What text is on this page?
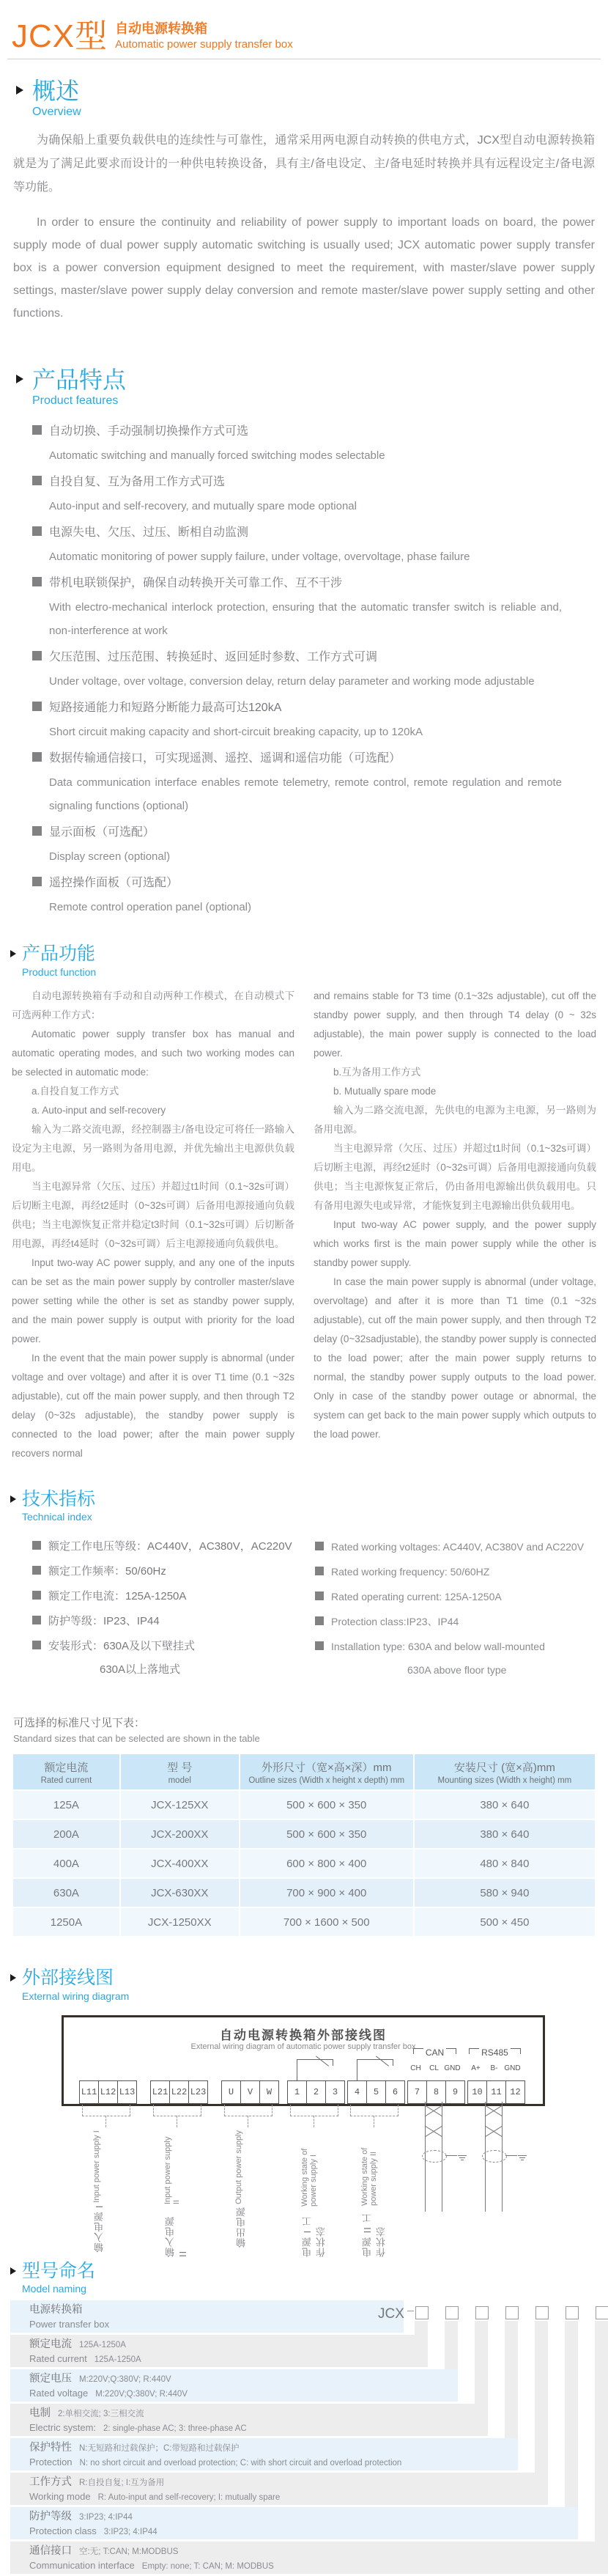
JCX型 自动电源转换箱
Automatic power supply transfer box
概述
Overview

为确保船上重要负载供电的连续性与可靠性，通常采用两电源自动转换的供电方式，JCX型自动电源转换箱就是为了满足此要求而设计的一种供电转换设备，具有主/备电设定、主/备电延时转换并具有远程设定主/备电源等功能。

In order to ensure the continuity and reliability of power supply to important loads on board, the power supply mode of dual power supply automatic switching is usually used; JCX automatic power supply transfer box is a power conversion equipment designed to meet the requirement, with master/slave power supply settings, master/slave power supply delay conversion and remote master/slave power supply setting and other functions.

产品特点
Product features
自动切换、手动强制切换操作方式可选
Automatic switching and manually forced switching modes selectable
自投自复、互为备用工作方式可选
Auto-input and self-recovery, and mutually spare mode optional
电源失电、欠压、过压、断相自动监测
Automatic monitoring of power supply failure, under voltage, overvoltage, phase failure
带机电联锁保护，确保自动转换开关可靠工作、互不干涉
With electro-mechanical interlock protection, ensuring that the automatic transfer switch is reliable and, non-interference at work
欠压范围、过压范围、转换延时、返回延时参数、工作方式可调
Under voltage, over voltage, conversion delay, return delay parameter and working mode adjustable
短路接通能力和短路分断能力最高可达120kA
Short circuit making capacity and short-circuit breaking capacity, up to 120kA
数据传输通信接口，可实现遥测、遥控、遥调和遥信功能（可选配）
Data communication interface enables remote telemetry, remote control, remote regulation and remote signaling functions (optional)
显示面板（可选配）
Display screen (optional)
遥控操作面板（可选配）
Remote control operation panel (optional)
产品功能
Product function

自动电源转换箱有手动和自动两种工作模式，在自动模式下可选两种工作方式：

Automatic power supply transfer box has manual and automatic operating modes, and such two working modes can be selected in automatic mode:

a.自投自复工作方式

a. Auto-input and self-recovery

输入为二路交流电源，经控制器主/备电设定可将任一路输入设定为主电源，另一路则为备用电源，并优先输出主电源供负载用电。

当主电源异常（欠压、过压）并超过t1时间（0.1~32s可调）后切断主电源，再经t2延时（0~32s可调）后备用电源接通向负载供电；当主电源恢复正常并稳定t3时间（0.1~32s可调）后切断备用电源，再经t4延时（0~32s可调）后主电源接通向负载供电。

Input two-way AC power supply, and any one of the inputs can be set as the main power supply by controller master/slave power setting while the other is set as standby power supply, and the main power supply is output with priority for the load power.

In the event that the main power supply is abnormal (under voltage and over voltage) and after it is over T1 time (0.1 ~32s adjustable), cut off the main power supply, and then through T2 delay (0~32s adjustable), the standby power supply is connected to the load power; after the main power supply recovers normal

and remains stable for T3 time (0.1~32s adjustable), cut off the standby power supply, and then through T4 delay (0 ~ 32s adjustable), the main power supply is connected to the load power.

b.互为备用工作方式

b. Mutually spare mode

输入为二路交流电源，先供电的电源为主电源，另一路则为备用电源。

当主电源异常（欠压、过压）并超过t1时间（0.1~32s可调）后切断主电源，再经t2延时（0~32s可调）后备用电源接通向负载供电；当主电源恢复正常后，仍由备用电源输出供负载用电。只有备用电源失电或异常，才能恢复到主电源输出供负载用电。

Input two-way AC power supply, and the power supply which works first is the main power supply while the other is standby power supply.

In case the main power supply is abnormal (under voltage, overvoltage) and after it is more than T1 time (0.1 ~32s adjustable), cut off the main power supply, and then through T2 delay (0~32sadjustable), the standby power supply is connected to the load power; after the main power supply returns to normal, the standby power supply outputs to the load power. Only in case of the standby power outage or abnormal, the system can get back to the main power supply which outputs to the load power.

技术指标
Technical index
额定工作电压等级：AC440V，AC380V，AC220V
额定工作频率：50/60Hz
额定工作电流：125A-1250A
防护等级：IP23、IP44
安装形式：630A及以下壁挂式
630A以上落地式
Rated working voltages: AC440V, AC380V and AC220V
Rated working frequency: 50/60HZ
Rated operating current: 125A-1250A
Protection class:IP23、IP44
Installation type: 630A and below wall-mounted
630A above floor type
可选择的标准尺寸见下表：
Standard sizes that can be selected are shown in the table
额定电流
Rated current
型 号
model
外形尺寸（宽×高×深）mm
Outline sizes (Width x height x depth) mm
安装尺寸 (宽×高)mm
Mounting sizes (Width x height) mm
125A	JCX-125XX	500 × 600 × 350	380 × 640
200A	JCX-200XX	500 × 600 × 350	380 × 640
400A	JCX-400XX	600 × 800 × 400	480 × 840
630A	JCX-630XX	700 × 900 × 400	580 × 940
1250A	JCX-1250XX	700 × 1600 × 500	500 × 450
外部接线图
External wiring diagram
自动电源转换箱外部接线图
External wiring diagram of automatic power supply transfer box
CAN	RS485
CH	CL GND	A+	B- GND
L11 L12 L13 L21 L22 L23	U	V	W	1	2	3	4	5	6	7	8	9	10 11 12
输入电源 I
Input power supply I
输入电源 II
Input power supply II
输出电源
Output power supply
电源 I 工作状态
Working state of power supply I
电源 II 工作状态
Working state of power supply II
型号命名
Model naming
电源转换箱
Power transfer box
额定电流 125A-1250A
Rated current 125A-1250A
额定电压 M:220V;Q:380V; R:440V
Rated voltage M:220V;Q:380V; R:440V
电制 2:单相交流; 3:三相交流
Electric system: 2: single-phase AC; 3: three-phase AC
保护特性 N:无短路和过载保护；C:带短路和过载保护
Protection N: no short circuit and overload protection; C: with short circuit and overload protection
工作方式 R:自投自复; I:互为备用
Working mode R: Auto-input and self-recovery; I: mutually spare
防护等级 3:IP23; 4:IP44
Protection class 3:IP23; 4:IP44
通信接口 空:无; T:CAN; M:MODBUS
Communication interface Empty: none; T: CAN; M: MODBUS
JCX
